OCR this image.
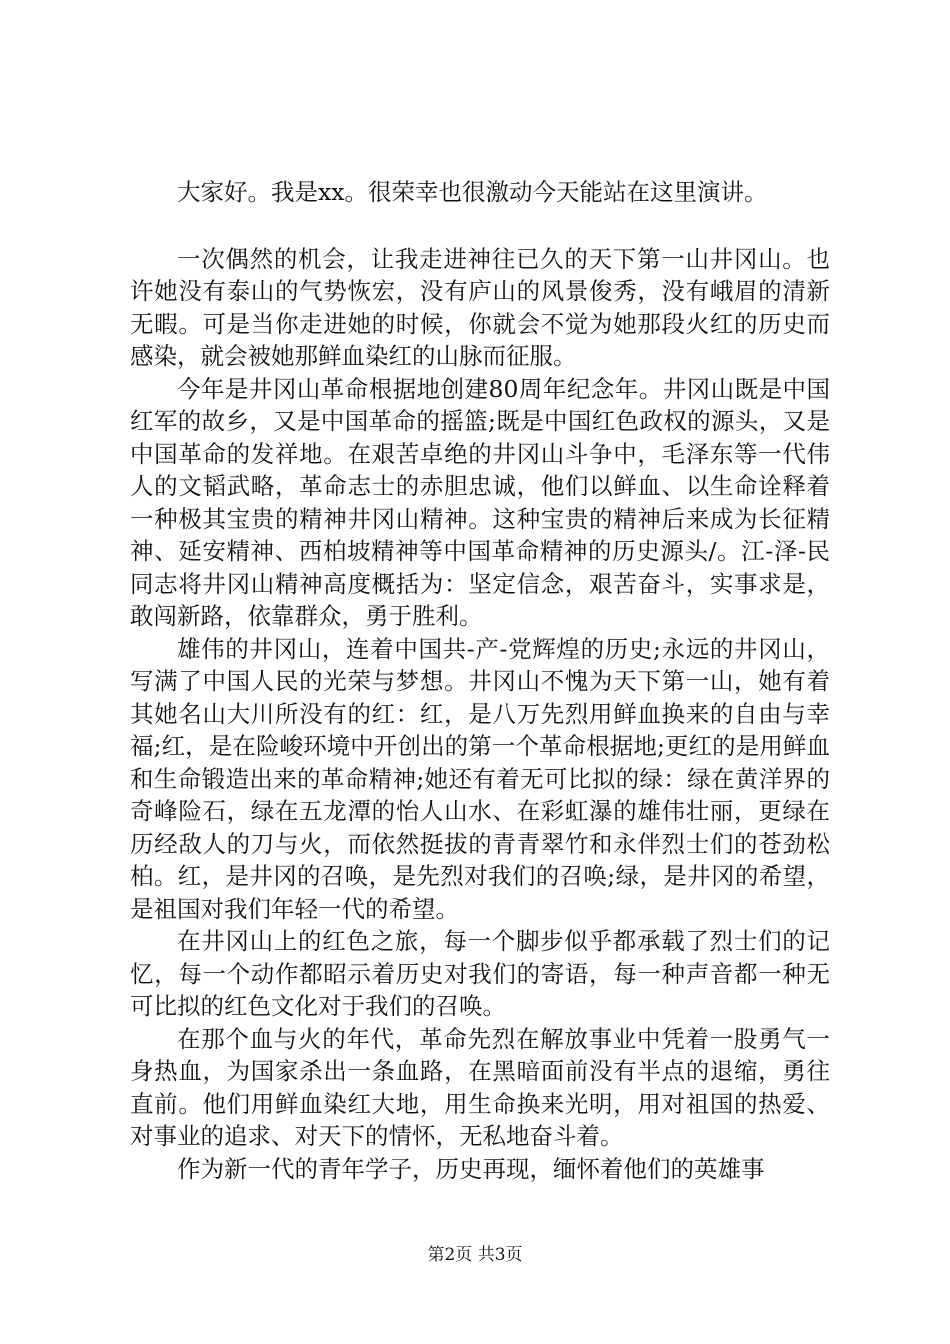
大家好。我是xx。很荣幸也很激动今天能站在这里演讲。

一次偶然的机会，让我走进神往已久的天下第一山井冈山。也许她没有泰山的气势恢宏，没有庐山的风景俊秀，没有峨眉的清新无暇。可是当你走进她的时候，你就会不觉为她那段火红的历史而感染，就会被她那鲜血染红的山脉而征服。

今年是井冈山革命根据地创建80周年纪念年。井冈山既是中国红军的故乡，又是中国革命的摇篮;既是中国红色政权的源头，又是中国革命的发祥地。在艰苦卓绝的井冈山斗争中，毛泽东等一代伟人的文韬武略，革命志士的赤胆忠诚，他们以鲜血、以生命诠释着一种极其宝贵的精神井冈山精神。这种宝贵的精神后来成为长征精神、延安精神、西柏坡精神等中国革命精神的历史源头/。江-泽-民同志将井冈山精神高度概括为：坚定信念，艰苦奋斗，实事求是，敢闯新路，依靠群众，勇于胜利。

雄伟的井冈山，连着中国共-产-党辉煌的历史;永远的井冈山，写满了中国人民的光荣与梦想。井冈山不愧为天下第一山，她有着其她名山大川所没有的红：红，是八万先烈用鲜血换来的自由与幸福;红，是在险峻环境中开创出的第一个革命根据地;更红的是用鲜血和生命锻造出来的革命精神;她还有着无可比拟的绿：绿在黄洋界的奇峰险石，绿在五龙潭的怡人山水、在彩虹瀑的雄伟壮丽，更绿在历经敌人的刀与火，而依然挺拔的青青翠竹和永伴烈士们的苍劲松柏。红，是井冈的召唤，是先烈对我们的召唤;绿，是井冈的希望，是祖国对我们年轻一代的希望。

在井冈山上的红色之旅，每一个脚步似乎都承载了烈士们的记忆，每一个动作都昭示着历史对我们的寄语，每一种声音都一种无可比拟的红色文化对于我们的召唤。

在那个血与火的年代，革命先烈在解放事业中凭着一股勇气一身热血，为国家杀出一条血路，在黑暗面前没有半点的退缩，勇往直前。他们用鲜血染红大地，用生命换来光明，用对祖国的热爱、对事业的追求、对天下的情怀，无私地奋斗着。

作为新一代的青年学子，历史再现，缅怀着他们的英雄事

第2页 共3页
